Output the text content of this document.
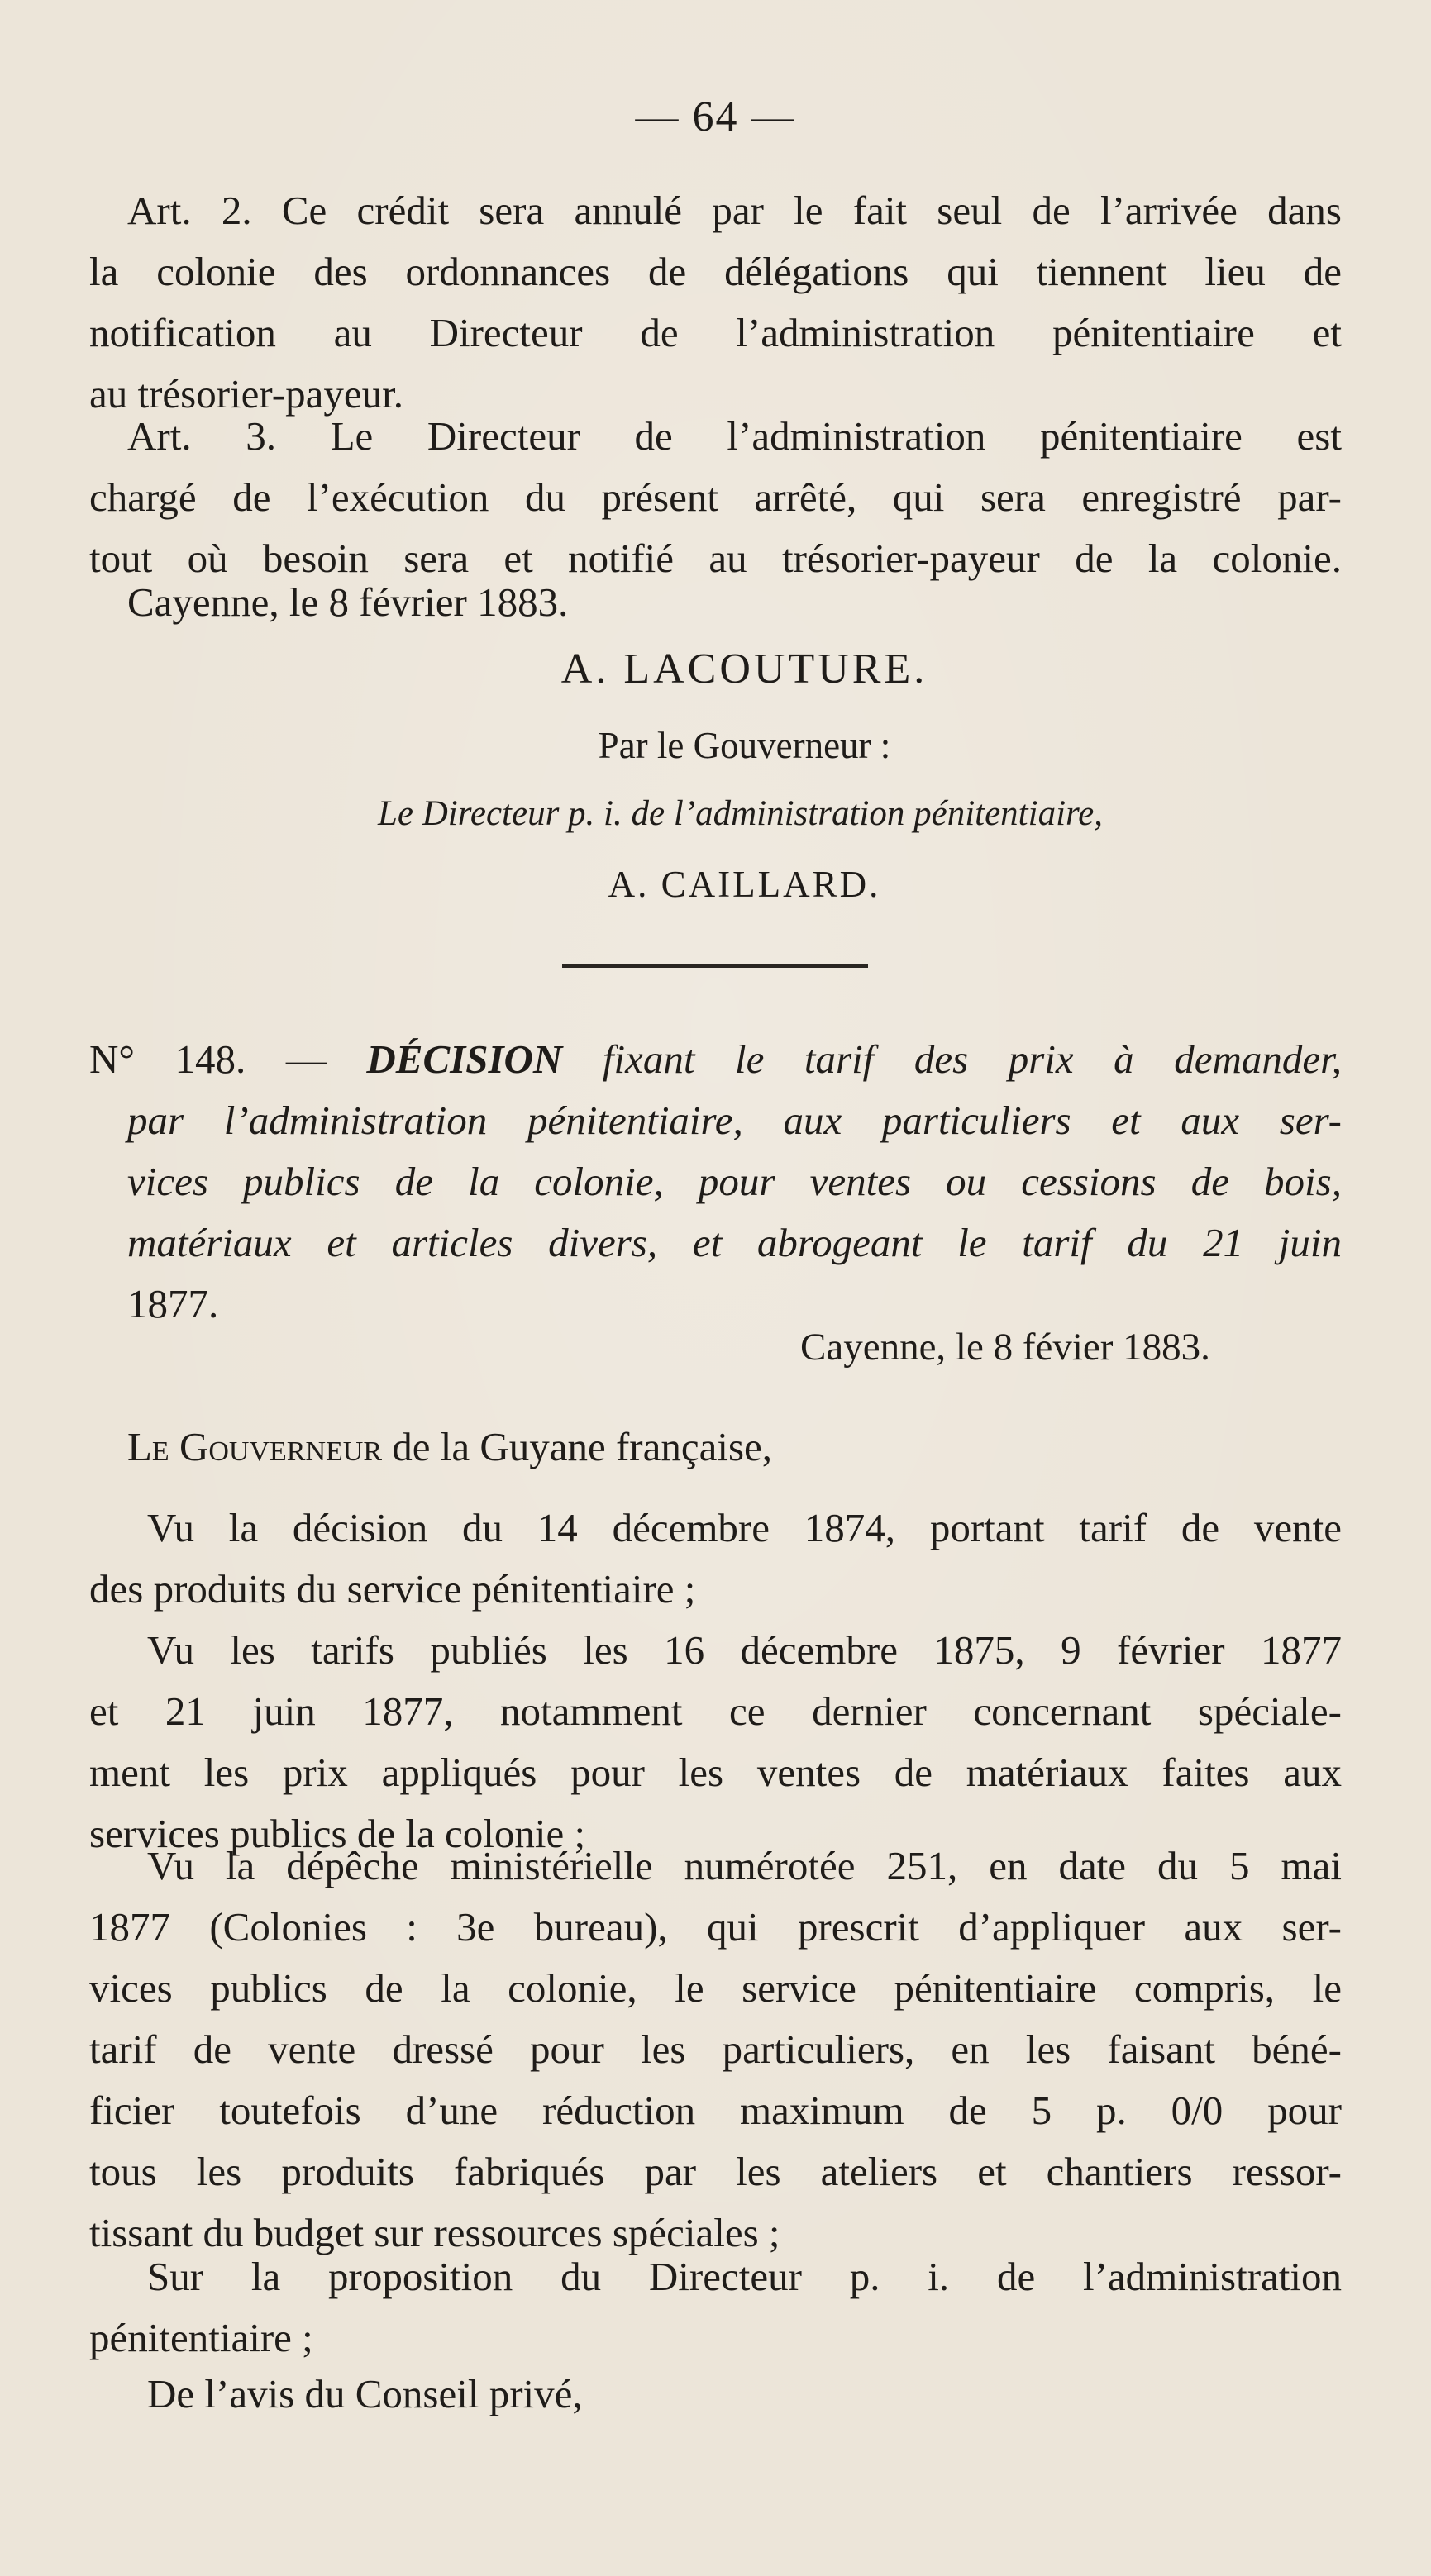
— 64 —
Art. 2. Ce crédit sera annulé par le fait seul de l’arrivée dans
la colonie des ordonnances de délégations qui tiennent lieu de
notification au Directeur de l’administration pénitentiaire et
au trésorier-payeur.
Art. 3. Le Directeur de l’administration pénitentiaire est
chargé de l’exécution du présent arrêté, qui sera enregistré par-
tout où besoin sera et notifié au trésorier-payeur de la colonie.
Cayenne, le 8 février 1883.
A. LACOUTURE.
Par le Gouverneur :
Le Directeur p. i. de l’administration pénitentiaire,
A. CAILLARD.
N° 148. — DÉCISION fixant le tarif des prix à demander,
par l’administration pénitentiaire, aux particuliers et aux ser-
vices publics de la colonie, pour ventes ou cessions de bois,
matériaux et articles divers, et abrogeant le tarif du 21 juin
1877.
Cayenne, le 8 févier 1883.
Le Gouverneur de la Guyane française,
Vu la décision du 14 décembre 1874, portant tarif de vente
des produits du service pénitentiaire ;
Vu les tarifs publiés les 16 décembre 1875, 9 février 1877
et 21 juin 1877, notamment ce dernier concernant spéciale-
ment les prix appliqués pour les ventes de matériaux faites aux
services publics de la colonie ;
Vu la dépêche ministérielle numérotée 251, en date du 5 mai
1877 (Colonies : 3e bureau), qui prescrit d’appliquer aux ser-
vices publics de la colonie, le service pénitentiaire compris, le
tarif de vente dressé pour les particuliers, en les faisant béné-
ficier toutefois d’une réduction maximum de 5 p. 0/0 pour
tous les produits fabriqués par les ateliers et chantiers ressor-
tissant du budget sur ressources spéciales ;
Sur la proposition du Directeur p. i. de l’administration
pénitentiaire ;
De l’avis du Conseil privé,
